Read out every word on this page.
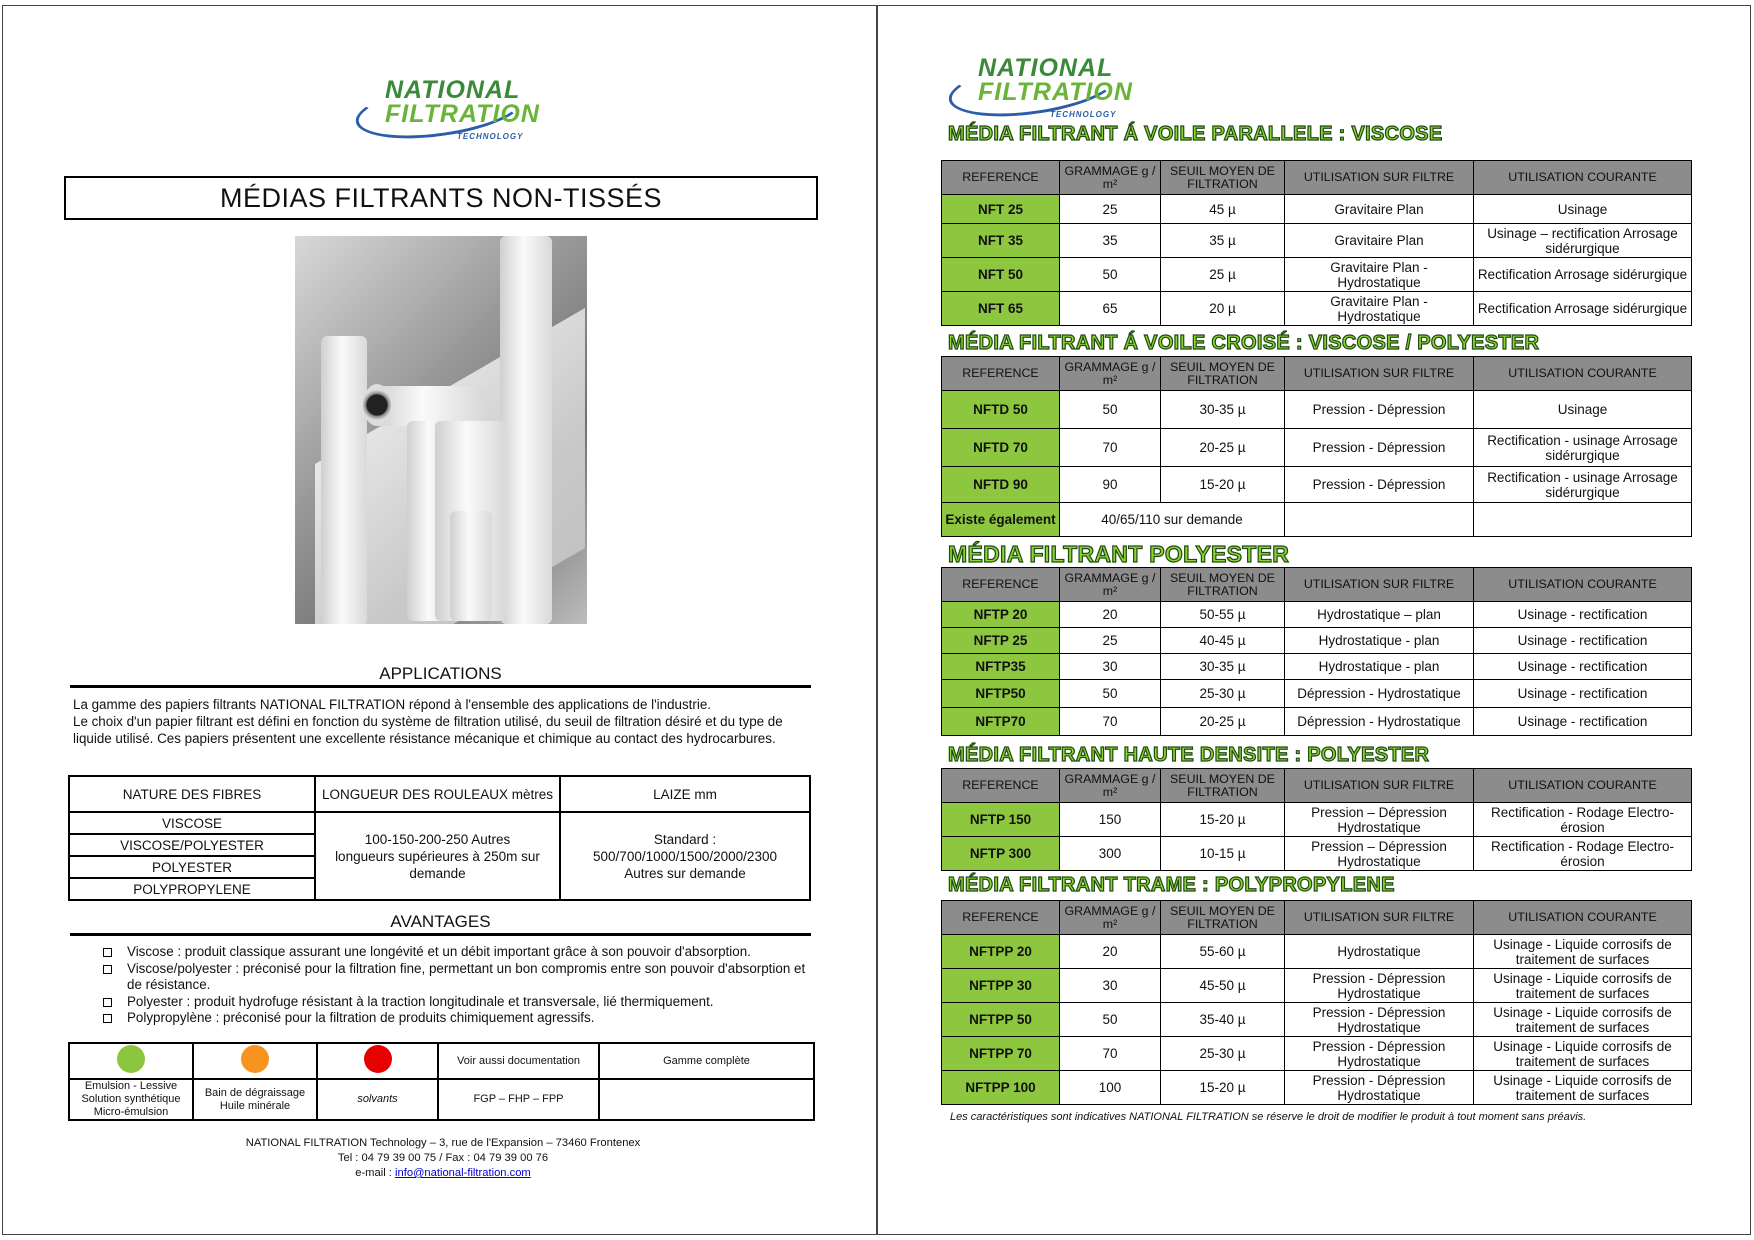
NATIONAL
FILTRATION
TECHNOLOGY
MÉDIAS FILTRANTS NON-TISSÉS
APPLICATIONS
La gamme des papiers filtrants NATIONAL FILTRATION répond à l'ensemble des applications de l'industrie.
Le choix d'un papier filtrant est défini en fonction du système de filtration utilisé, du seuil de filtration désiré et du type de liquide utilisé. Ces papiers présentent une excellente résistance mécanique et chimique au contact des hydrocarbures.
NATURE DES FIBRES	LONGUEUR DES ROULEAUX mètres	LAIZE mm
VISCOSE	100-150-200-250 Autres longueurs supérieures à 250m sur demande	Standard : 500/700/1000/1500/2000/2300 Autres sur demande
VISCOSE/POLYESTER		
POLYESTER		
POLYPROPYLENE		
AVANTAGES
Viscose : produit classique assurant une longévité et un débit important grâce à son pouvoir d'absorption.
Viscose/polyester : préconisé pour la filtration fine, permettant un bon compromis entre son pouvoir d'absorption et de résistance.
Polyester : produit hydrofuge résistant à la traction longitudinale et transversale, lié thermiquement.
Polypropylène : préconisé pour la filtration de produits chimiquement agressifs.
			Voir aussi documentation	Gamme complète
Emulsion - Lessive Solution synthétique Micro-émulsion	Bain de dégraissage Huile minérale	solvants	FGP – FHP – FPP	
NATIONAL FILTRATION Technology – 3, rue de l'Expansion – 73460 Frontenex
Tel : 04 79 39 00 75 / Fax : 04 79 39 00 76
e-mail : info@national-filtration.com
NATIONAL
FILTRATION
TECHNOLOGY
MÉDIA FILTRANT Á VOILE PARALLELE : VISCOSE
REFERENCE	GRAMMAGE g / m²	SEUIL MOYEN DE FILTRATION	UTILISATION SUR FILTRE	UTILISATION COURANTE
NFT 25	25	45 µ	Gravitaire Plan	Usinage
NFT 35	35	35 µ	Gravitaire Plan	Usinage – rectification Arrosage sidérurgique
NFT 50	50	25 µ	Gravitaire Plan - Hydrostatique	Rectification Arrosage sidérurgique
NFT 65	65	20 µ	Gravitaire Plan - Hydrostatique	Rectification Arrosage sidérurgique
MÉDIA FILTRANT Á VOILE CROISÉ : VISCOSE / POLYESTER
REFERENCE	GRAMMAGE g / m²	SEUIL MOYEN DE FILTRATION	UTILISATION SUR FILTRE	UTILISATION COURANTE
NFTD 50	50	30-35 µ	Pression - Dépression	Usinage
NFTD 70	70	20-25 µ	Pression - Dépression	Rectification - usinage Arrosage sidérurgique
NFTD 90	90	15-20 µ	Pression - Dépression	Rectification - usinage Arrosage sidérurgique
Existe également	40/65/110 sur demande			
MÉDIA FILTRANT POLYESTER
REFERENCE	GRAMMAGE g / m²	SEUIL MOYEN DE FILTRATION	UTILISATION SUR FILTRE	UTILISATION COURANTE
NFTP 20	20	50-55 µ	Hydrostatique – plan	Usinage - rectification
NFTP 25	25	40-45 µ	Hydrostatique - plan	Usinage - rectification
NFTP35	30	30-35 µ	Hydrostatique - plan	Usinage - rectification
NFTP50	50	25-30 µ	Dépression - Hydrostatique	Usinage - rectification
NFTP70	70	20-25 µ	Dépression - Hydrostatique	Usinage - rectification
MÉDIA FILTRANT HAUTE DENSITE : POLYESTER
REFERENCE	GRAMMAGE g / m²	SEUIL MOYEN DE FILTRATION	UTILISATION SUR FILTRE	UTILISATION COURANTE
NFTP 150	150	15-20 µ	Pression – Dépression Hydrostatique	Rectification - Rodage Electro-érosion
NFTP 300	300	10-15 µ	Pression – Dépression Hydrostatique	Rectification - Rodage Electro-érosion
MÉDIA FILTRANT TRAME : POLYPROPYLENE
REFERENCE	GRAMMAGE g / m²	SEUIL MOYEN DE FILTRATION	UTILISATION SUR FILTRE	UTILISATION COURANTE
NFTPP 20	20	55-60 µ	Hydrostatique	Usinage - Liquide corrosifs de traitement de surfaces
NFTPP 30	30	45-50 µ	Pression - Dépression Hydrostatique	Usinage - Liquide corrosifs de traitement de surfaces
NFTPP 50	50	35-40 µ	Pression - Dépression Hydrostatique	Usinage - Liquide corrosifs de traitement de surfaces
NFTPP 70	70	25-30 µ	Pression - Dépression Hydrostatique	Usinage - Liquide corrosifs de traitement de surfaces
NFTPP 100	100	15-20 µ	Pression - Dépression Hydrostatique	Usinage - Liquide corrosifs de traitement de surfaces
Les caractéristiques sont indicatives NATIONAL FILTRATION se réserve le droit de modifier le produit à tout moment sans préavis.
